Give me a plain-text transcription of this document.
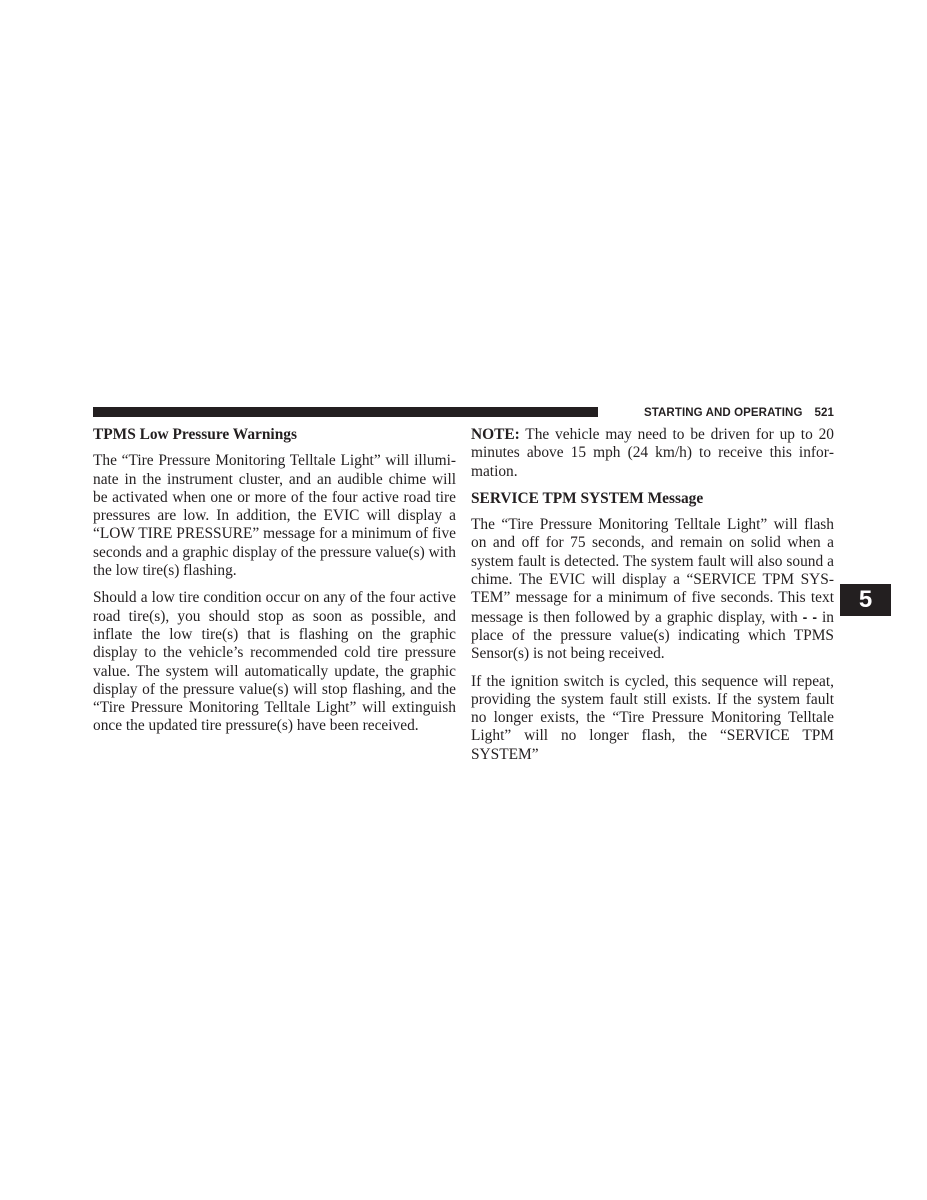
STARTING AND OPERATING 521
TPMS Low Pressure Warnings

The “Tire Pressure Monitoring Telltale Light” will illuminate in the instrument cluster, and an audible chime will be activated when one or more of the four active road tire pressures are low. In addition, the EVIC will display a “LOW TIRE PRESSURE” message for a minimum of five seconds and a graphic display of the pressure value(s) with the low tire(s) flashing.

Should a low tire condition occur on any of the four active road tire(s), you should stop as soon as possible, and inflate the low tire(s) that is flashing on the graphic display to the vehicle’s recommended cold tire pressure value. The system will automatically update, the graphic display of the pressure value(s) will stop flashing, and the “Tire Pressure Monitoring Telltale Light” will extinguish once the updated tire pressure(s) have been received.

NOTE: The vehicle may need to be driven for up to 20 minutes above 15 mph (24 km/h) to receive this information.

SERVICE TPM SYSTEM Message

The “Tire Pressure Monitoring Telltale Light” will flash on and off for 75 seconds, and remain on solid when a system fault is detected. The system fault will also sound a chime. The EVIC will display a “SERVICE TPM SYSTEM” message for a minimum of five seconds. This text message is then followed by a graphic display, with - - in place of the pressure value(s) indicating which TPMS Sensor(s) is not being received.

If the ignition switch is cycled, this sequence will repeat, providing the system fault still exists. If the system fault no longer exists, the “Tire Pressure Monitoring Telltale Light” will no longer flash, the “SERVICE TPM SYSTEM”

5
